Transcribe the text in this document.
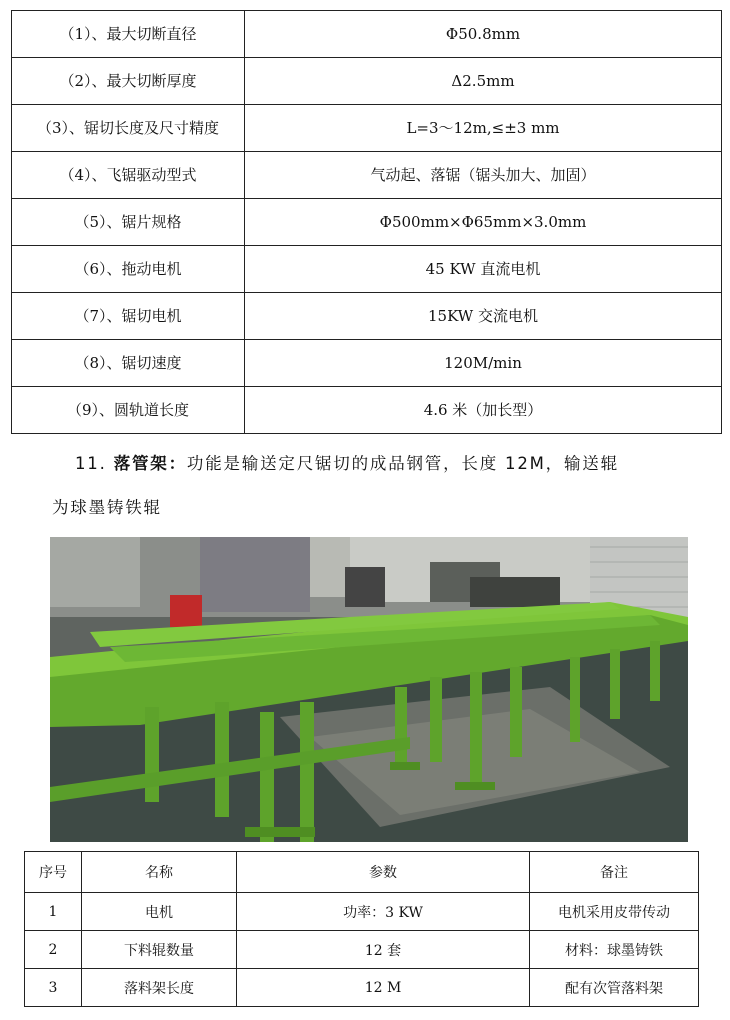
（1）、最大切断直径	Φ50.8mm
（2）、最大切断厚度	Δ2.5mm
（3）、锯切长度及尺寸精度	L=3～12m,≤±3 mm
（4）、飞锯驱动型式	气动起、落锯（锯头加大、加固）
（5）、锯片规格	Φ500mm×Φ65mm×3.0mm
（6）、拖动电机	45 KW 直流电机
（7）、锯切电机	15KW 交流电机
（8）、锯切速度	120M/min
（9）、圆轨道长度	4.6 米（加长型）
11. 落管架：功能是输送定尺锯切的成品钢管，长度 12M，输送辊
为球墨铸铁辊
序号	名称	参数	备注
1	电机	功率：3 KW	电机采用皮带传动
2	下料辊数量	12 套	材料：球墨铸铁
3	落料架长度	12 M	配有次管落料架
